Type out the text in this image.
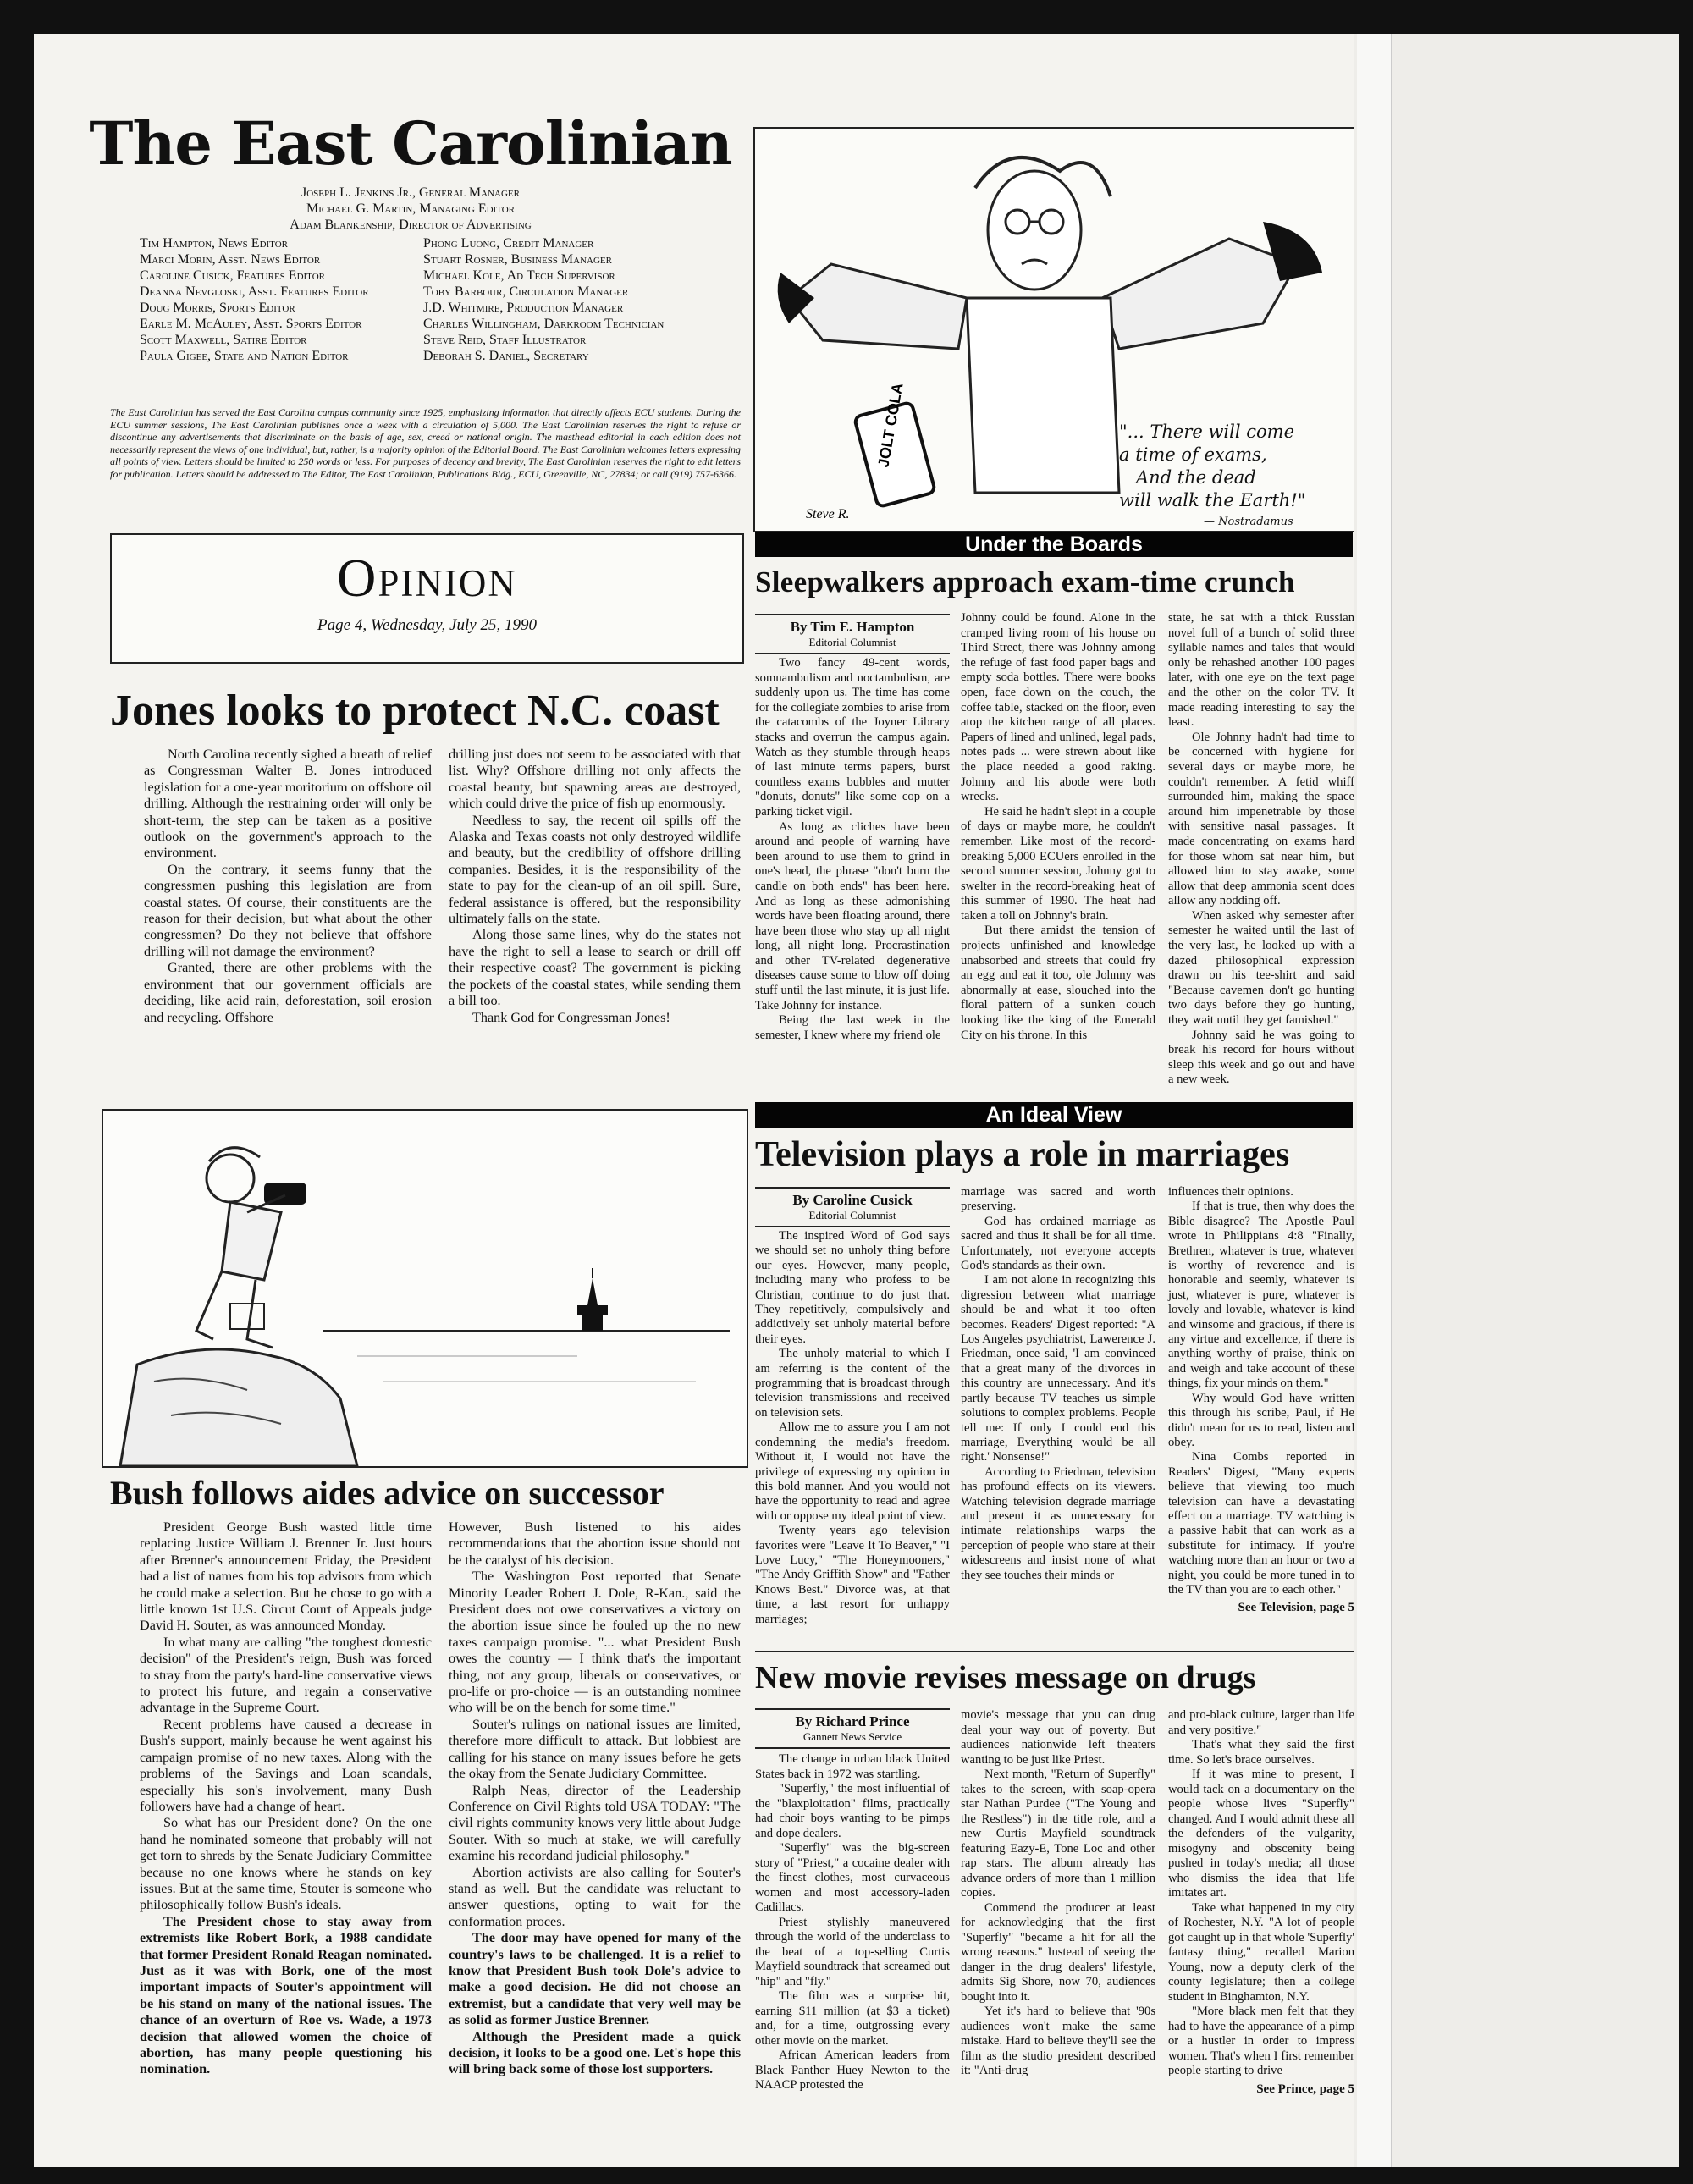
The East Carolinian
Joseph L. Jenkins Jr., General Manager
Michael G. Martin, Managing Editor
Adam Blankenship, Director of Advertising
Tim Hampton, News Editor
Marci Morin, Asst. News Editor
Caroline Cusick, Features Editor
Deanna Nevgloski, Asst. Features Editor
Doug Morris, Sports Editor
Earle M. McAuley, Asst. Sports Editor
Scott Maxwell, Satire Editor
Paula Gigee, State and Nation Editor
Phong Luong, Credit Manager
Stuart Rosner, Business Manager
Michael Kole, Ad Tech Supervisor
Toby Barbour, Circulation Manager
J.D. Whitmire, Production Manager
Charles Willingham, Darkroom Technician
Steve Reid, Staff Illustrator
Deborah S. Daniel, Secretary
The East Carolinian has served the East Carolina campus community since 1925, emphasizing information that directly affects ECU students. During the ECU summer sessions, The East Carolinian publishes once a week with a circulation of 5,000. The East Carolinian reserves the right to refuse or discontinue any advertisements that discriminate on the basis of age, sex, creed or national origin. The masthead editorial in each edition does not necessarily represent the views of one individual, but, rather, is a majority opinion of the Editorial Board. The East Carolinian welcomes letters expressing all points of view. Letters should be limited to 250 words or less. For purposes of decency and brevity, The East Carolinian reserves the right to edit letters for publication. Letters should be addressed to The Editor, The East Carolinian, Publications Bldg., ECU, Greenville, NC, 27834; or call (919) 757-6366.
Opinion
Page 4, Wednesday, July 25, 1990
Jones looks to protect N.C. coast

North Carolina recently sighed a breath of relief as Congressman Walter B. Jones introduced legislation for a one-year moritorium on offshore oil drilling. Although the restraining order will only be short-term, the step can be taken as a positive outlook on the government's approach to the environment.

On the contrary, it seems funny that the congressmen pushing this legislation are from coastal states. Of course, their constituents are the reason for their decision, but what about the other congressmen? Do they not believe that offshore drilling will not damage the environment?

Granted, there are other problems with the environment that our government officials are deciding, like acid rain, deforestation, soil erosion and recycling. Offshore

drilling just does not seem to be associated with that list. Why? Offshore drilling not only affects the coastal beauty, but spawning areas are destroyed, which could drive the price of fish up enormously.

Needless to say, the recent oil spills off the Alaska and Texas coasts not only destroyed wildlife and beauty, but the credibility of offshore drilling companies. Besides, it is the responsibility of the state to pay for the clean-up of an oil spill. Sure, federal assistance is offered, but the responsibility ultimately falls on the state.

Along those same lines, why do the states not have the right to sell a lease to search or drill off their respective coast? The government is picking the pockets of the coastal states, while sending them a bill too.

Thank God for Congressman Jones!

Bush follows aides advice on successor

President George Bush wasted little time replacing Justice William J. Brenner Jr. Just hours after Brenner's announcement Friday, the President had a list of names from his top advisors from which he could make a selection. But he chose to go with a little known 1st U.S. Circut Court of Appeals judge David H. Souter, as was announced Monday.

In what many are calling "the toughest domestic decision" of the President's reign, Bush was forced to stray from the party's hard-line conservative views to protect his future, and regain a conservative advantage in the Supreme Court.

Recent problems have caused a decrease in Bush's support, mainly because he went against his campaign promise of no new taxes. Along with the problems of the Savings and Loan scandals, especially his son's involvement, many Bush followers have had a change of heart.

So what has our President done? On the one hand he nominated someone that probably will not get torn to shreds by the Senate Judiciary Committee because no one knows where he stands on key issues. But at the same time, Stouter is someone who philosophically follow Bush's ideals.

The President chose to stay away from extremists like Robert Bork, a 1988 candidate that former President Ronald Reagan nominated. Just as it was with Bork, one of the most important impacts of Souter's appointment will be his stand on many of the national issues. The chance of an overturn of Roe vs. Wade, a 1973 decision that allowed women the choice of abortion, has many people questioning his nomination.

However, Bush listened to his aides recommendations that the abortion issue should not be the catalyst of his decision.

The Washington Post reported that Senate Minority Leader Robert J. Dole, R-Kan., said the President does not owe conservatives a victory on the abortion issue since he fouled up the no new taxes campaign promise. "... what President Bush owes the country — I think that's the important thing, not any group, liberals or conservatives, or pro-life or pro-choice — is an outstanding nominee who will be on the bench for some time."

Souter's rulings on national issues are limited, therefore more difficult to attack. But lobbiest are calling for his stance on many issues before he gets the okay from the Senate Judiciary Committee.

Ralph Neas, director of the Leadership Conference on Civil Rights told USA TODAY: "The civil rights community knows very little about Judge Souter. With so much at stake, we will carefully examine his recordand judicial philosophy."

Abortion activists are also calling for Souter's stand as well. But the candidate was reluctant to answer questions, opting to wait for the conformation proces.

The door may have opened for many of the country's laws to be challenged. It is a relief to know that President Bush took Dole's advice to make a good decision. He did not choose an extremist, but a candidate that very well may be as solid as former Justice Brenner.

Although the President made a quick decision, it looks to be a good one. Let's hope this will bring back some of those lost supporters.

JOLT COLA
Steve R.
"... There will come
a time of exams,
And the dead
will walk the Earth!"
— Nostradamus
Under the Boards
Sleepwalkers approach exam-time crunch
By Tim E. Hampton
Editorial Columnist

Two fancy 49-cent words, somnambulism and noctambulism, are suddenly upon us. The time has come for the collegiate zombies to arise from the catacombs of the Joyner Library stacks and overrun the campus again. Watch as they stumble through heaps of last minute terms papers, burst countless exams bubbles and mutter "donuts, donuts" like some cop on a parking ticket vigil.

As long as cliches have been around and people of warning have been around to use them to grind in one's head, the phrase "don't burn the candle on both ends" has been here. And as long as these admonishing words have been floating around, there have been those who stay up all night long, all night long. Procrastination and other TV-related degenerative diseases cause some to blow off doing stuff until the last minute, it is just life. Take Johnny for instance.

Being the last week in the semester, I knew where my friend ole

Johnny could be found. Alone in the cramped living room of his house on Third Street, there was Johnny among the refuge of fast food paper bags and empty soda bottles. There were books open, face down on the couch, the coffee table, stacked on the floor, even atop the kitchen range of all places. Papers of lined and unlined, legal pads, notes pads ... were strewn about like the place needed a good raking. Johnny and his abode were both wrecks.

He said he hadn't slept in a couple of days or maybe more, he couldn't remember. Like most of the record-breaking 5,000 ECUers enrolled in the second summer session, Johnny got to swelter in the record-breaking heat of this summer of 1990. The heat had taken a toll on Johnny's brain.

But there amidst the tension of projects unfinished and knowledge unabsorbed and streets that could fry an egg and eat it too, ole Johnny was abnormally at ease, slouched into the floral pattern of a sunken couch looking like the king of the Emerald City on his throne. In this

state, he sat with a thick Russian novel full of a bunch of solid three syllable names and tales that would only be rehashed another 100 pages later, with one eye on the text page and the other on the color TV. It made reading interesting to say the least.

Ole Johnny hadn't had time to be concerned with hygiene for several days or maybe more, he couldn't remember. A fetid whiff surrounded him, making the space around him impenetrable by those with sensitive nasal passages. It made concentrating on exams hard for those whom sat near him, but allowed him to stay awake, some allow that deep ammonia scent does allow any nodding off.

When asked why semester after semester he waited until the last of the very last, he looked up with a dazed philosophical expression drawn on his tee-shirt and said "Because cavemen don't go hunting two days before they go hunting, they wait until they get famished."

Johnny said he was going to break his record for hours without sleep this week and go out and have a new week.

An Ideal View
Television plays a role in marriages
By Caroline Cusick
Editorial Columnist

The inspired Word of God says we should set no unholy thing before our eyes. However, many people, including many who profess to be Christian, continue to do just that. They repetitively, compulsively and addictively set unholy material before their eyes.

The unholy material to which I am referring is the content of the programming that is broadcast through television transmissions and received on television sets.

Allow me to assure you I am not condemning the media's freedom. Without it, I would not have the privilege of expressing my opinion in this bold manner. And you would not have the opportunity to read and agree with or oppose my ideal point of view.

Twenty years ago television favorites were "Leave It To Beaver," "I Love Lucy," "The Honeymooners," "The Andy Griffith Show" and "Father Knows Best." Divorce was, at that time, a last resort for unhappy marriages;

marriage was sacred and worth preserving.

God has ordained marriage as sacred and thus it shall be for all time. Unfortunately, not everyone accepts God's standards as their own.

I am not alone in recognizing this digression between what marriage should be and what it too often becomes. Readers' Digest reported: "A Los Angeles psychiatrist, Lawerence J. Friedman, once said, 'I am convinced that a great many of the divorces in this country are unnecessary. And it's partly because TV teaches us simple solutions to complex problems. People tell me: If only I could end this marriage, Everything would be all right.' Nonsense!"

According to Friedman, television has profound effects on its viewers. Watching television degrade marriage and present it as unnecessary for intimate relationships warps the perception of people who stare at their widescreens and insist none of what they see touches their minds or

influences their opinions.

If that is true, then why does the Bible disagree? The Apostle Paul wrote in Philippians 4:8 "Finally, Brethren, whatever is true, whatever is worthy of reverence and is honorable and seemly, whatever is just, whatever is pure, whatever is lovely and lovable, whatever is kind and winsome and gracious, if there is any virtue and excellence, if there is anything worthy of praise, think on and weigh and take account of these things, fix your minds on them."

Why would God have written this through his scribe, Paul, if He didn't mean for us to read, listen and obey.

Nina Combs reported in Readers' Digest, "Many experts believe that viewing too much television can have a devastating effect on a marriage. TV watching is a passive habit that can work as a substitute for intimacy. If you're watching more than an hour or two a night, you could be more tuned in to the TV than you are to each other."

See Television, page 5
New movie revises message on drugs
By Richard Prince
Gannett News Service

The change in urban black United States back in 1972 was startling.

"Superfly," the most influential of the "blaxploitation" films, practically had choir boys wanting to be pimps and dope dealers.

"Superfly" was the big-screen story of "Priest," a cocaine dealer with the finest clothes, most curvaceous women and most accessory-laden Cadillacs.

Priest stylishly maneuvered through the world of the underclass to the beat of a top-selling Curtis Mayfield soundtrack that screamed out "hip" and "fly."

The film was a surprise hit, earning $11 million (at $3 a ticket) and, for a time, outgrossing every other movie on the market.

African American leaders from Black Panther Huey Newton to the NAACP protested the

movie's message that you can drug deal your way out of poverty. But audiences nationwide left theaters wanting to be just like Priest.

Next month, "Return of Superfly" takes to the screen, with soap-opera star Nathan Purdee ("The Young and the Restless") in the title role, and a new Curtis Mayfield soundtrack featuring Eazy-E, Tone Loc and other rap stars. The album already has advance orders of more than 1 million copies.

Commend the producer at least for acknowledging that the first "Superfly" "became a hit for all the wrong reasons." Instead of seeing the danger in the drug dealers' lifestyle, admits Sig Shore, now 70, audiences bought into it.

Yet it's hard to believe that '90s audiences won't make the same mistake. Hard to believe they'll see the film as the studio president described it: "Anti-drug

and pro-black culture, larger than life and very positive."

That's what they said the first time. So let's brace ourselves.

If it was mine to present, I would tack on a documentary on the people whose lives "Superfly" changed. And I would admit these all the defenders of the vulgarity, misogyny and obscenity being pushed in today's media; all those who dismiss the idea that life imitates art.

Take what happened in my city of Rochester, N.Y. "A lot of people got caught up in that whole 'Superfly' fantasy thing," recalled Marion Young, now a deputy clerk of the county legislature; then a college student in Binghamton, N.Y.

"More black men felt that they had to have the appearance of a pimp or a hustler in order to impress women. That's when I first remember people starting to drive

See Prince, page 5
